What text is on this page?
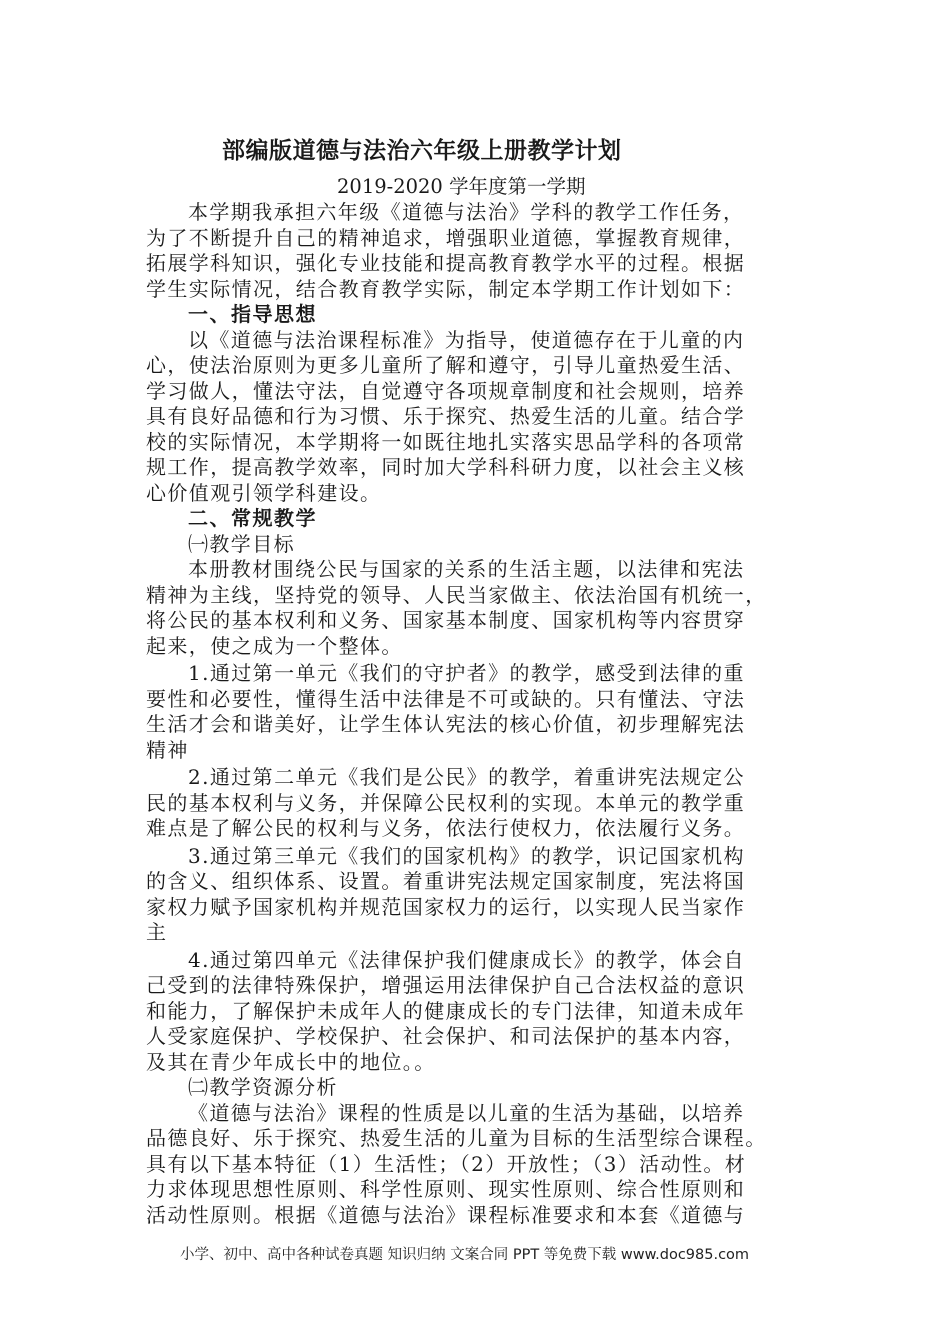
部编版道德与法治六年级上册教学计划
2019-2020 学年度第一学期
本学期我承担六年级《道德与法治》学科的教学工作任务，
为了不断提升自己的精神追求，增强职业道德，掌握教育规律，
拓展学科知识，强化专业技能和提高教育教学水平的过程。根据
学生实际情况，结合教育教学实际，制定本学期工作计划如下：
一、指导思想
以《道德与法治课程标准》为指导，使道德存在于儿童的内
心，使法治原则为更多儿童所了解和遵守，引导儿童热爱生活、
学习做人，懂法守法，自觉遵守各项规章制度和社会规则，培养
具有良好品德和行为习惯、乐于探究、热爱生活的儿童。结合学
校的实际情况，本学期将一如既往地扎实落实思品学科的各项常
规工作，提高教学效率，同时加大学科科研力度，以社会主义核
心价值观引领学科建设。
二、常规教学
㈠教学目标
本册教材围绕公民与国家的关系的生活主题，以法律和宪法
精神为主线，坚持党的领导、人民当家做主、依法治国有机统一，
将公民的基本权利和义务、国家基本制度、国家机构等内容贯穿
起来，使之成为一个整体。
1.通过第一单元《我们的守护者》的教学，感受到法律的重
要性和必要性，懂得生活中法律是不可或缺的。只有懂法、守法
生活才会和谐美好，让学生体认宪法的核心价值，初步理解宪法
精神
2.通过第二单元《我们是公民》的教学，着重讲宪法规定公
民的基本权利与义务，并保障公民权利的实现。本单元的教学重
难点是了解公民的权利与义务，依法行使权力，依法履行义务。
3.通过第三单元《我们的国家机构》的教学，识记国家机构
的含义、组织体系、设置。着重讲宪法规定国家制度，宪法将国
家权力赋予国家机构并规范国家权力的运行，以实现人民当家作
主
4.通过第四单元《法律保护我们健康成长》的教学，体会自
己受到的法律特殊保护，增强运用法律保护自己合法权益的意识
和能力，了解保护未成年人的健康成长的专门法律，知道未成年
人受家庭保护、学校保护、社会保护、和司法保护的基本内容，
及其在青少年成长中的地位。。
㈡教学资源分析
《道德与法治》课程的性质是以儿童的生活为基础，以培养
品德良好、乐于探究、热爱生活的儿童为目标的生活型综合课程。
具有以下基本特征（1）生活性；（2）开放性；（3）活动性。材
力求体现思想性原则、科学性原则、现实性原则、综合性原则和
活动性原则。根据《道德与法治》课程标准要求和本套《道德与
小学、初中、高中各种试卷真题 知识归纳 文案合同 PPT 等免费下载 www.doc985.com
